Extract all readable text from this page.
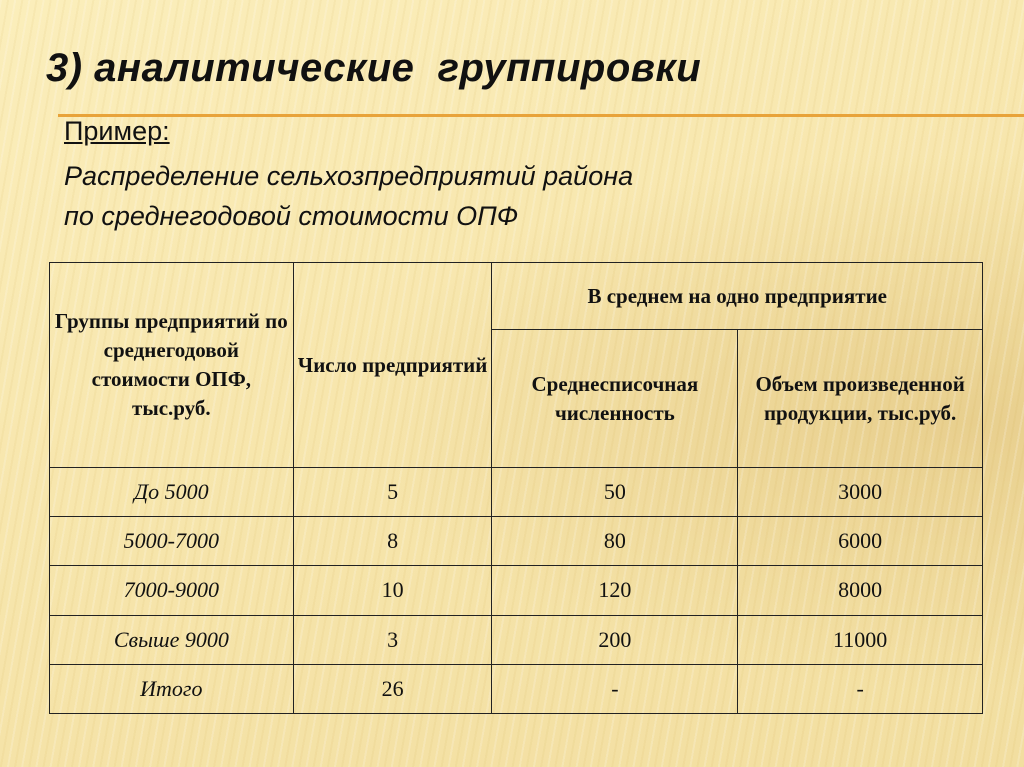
3) аналитические  группировки
Пример:
Распределение сельхозпредприятий района
по среднегодовой стоимости ОПФ
Группы предприятий по среднегодовой стоимости ОПФ, тыс.руб.	Число предприятий	В среднем на одно предприятие	
		Среднесписочная численность	Объем произведенной продукции, тыс.руб.
До 5000	5	50	3000
5000-7000	8	80	6000
7000-9000	10	120	8000
Свыше 9000	3	200	11000
Итого	26	-	-
